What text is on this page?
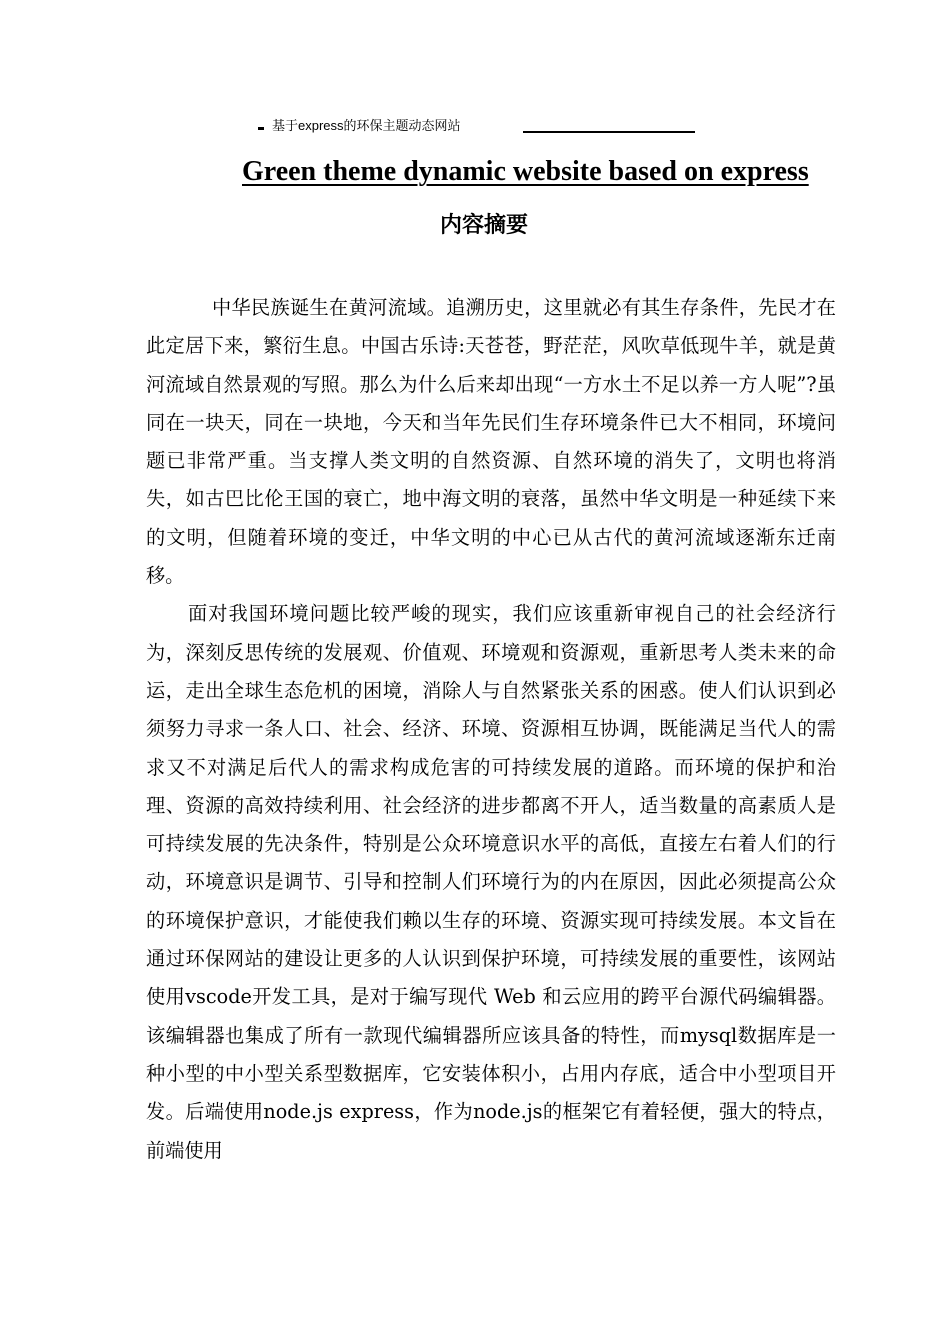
基于express的环保主题动态网站
Green theme dynamic website based on express
内容摘要

中华民族诞生在黄河流域。追溯历史，这里就必有其生存条件，先民才在此定居下来，繁衍生息。中国古乐诗:天苍苍，野茫茫，风吹草低现牛羊，就是黄河流域自然景观的写照。那么为什么后来却出现“一方水土不足以养一方人呢”?虽同在一块天，同在一块地，今天和当年先民们生存环境条件已大不相同，环境问题已非常严重。当支撑人类文明的自然资源、自然环境的消失了，文明也将消失，如古巴比伦王国的衰亡，地中海文明的衰落，虽然中华文明是一种延续下来的文明，但随着环境的变迁，中华文明的中心已从古代的黄河流域逐渐东迁南移。

面对我国环境问题比较严峻的现实，我们应该重新审视自己的社会经济行为，深刻反思传统的发展观、价值观、环境观和资源观，重新思考人类未来的命运，走出全球生态危机的困境，消除人与自然紧张关系的困惑。使人们认识到必须努力寻求一条人口、社会、经济、环境、资源相互协调，既能满足当代人的需求又不对满足后代人的需求构成危害的可持续发展的道路。而环境的保护和治理、资源的高效持续利用、社会经济的进步都离不开人，适当数量的高素质人是可持续发展的先决条件，特别是公众环境意识水平的高低，直接左右着人们的行动，环境意识是调节、引导和控制人们环境行为的内在原因，因此必须提高公众的环境保护意识，才能使我们赖以生存的环境、资源实现可持续发展。本文旨在通过环保网站的建设让更多的人认识到保护环境，可持续发展的重要性，该网站使用vscode开发工具，是对于编写现代 Web 和云应用的跨平台源代码编辑器。该编辑器也集成了所有一款现代编辑器所应该具备的特性，而mysql数据库是一种小型的中小型关系型数据库，它安装体积小，占用内存底，适合中小型项目开发。后端使用node.js express，作为node.js的框架它有着轻便，强大的特点，前端使用
